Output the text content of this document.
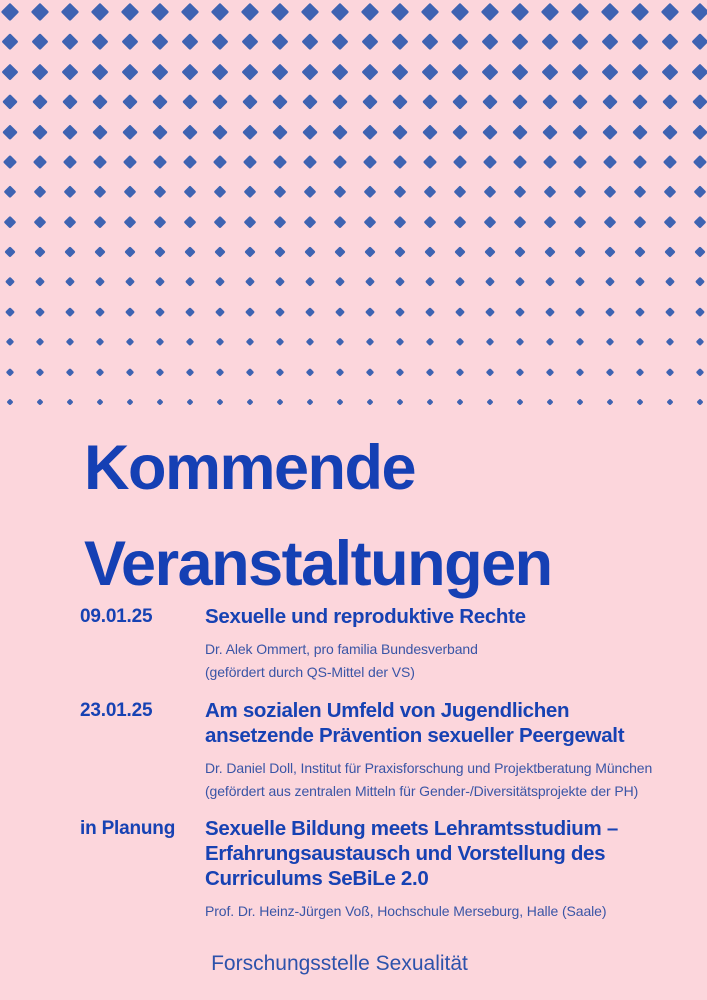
Kommende
Veranstaltungen
09.01.25	Sexuelle und reproduktive Rechte
Dr. Alek Ommert, pro familia Bundesverband
(gefördert durch QS-Mittel der VS)
23.01.25	Am sozialen Umfeld von Jugendlichen
ansetzende Prävention sexueller Peergewalt
Dr. Daniel Doll, Institut für Praxisforschung und Projektberatung München
(gefördert aus zentralen Mitteln für Gender-/Diversitätsprojekte der PH)
in Planung	Sexuelle Bildung meets Lehramtsstudium –
Erfahrungsaustausch und Vorstellung des
Curriculums SeBiLe 2.0
Prof. Dr. Heinz-Jürgen Voß, Hochschule Merseburg, Halle (Saale)
Forschungsstelle Sexualität
